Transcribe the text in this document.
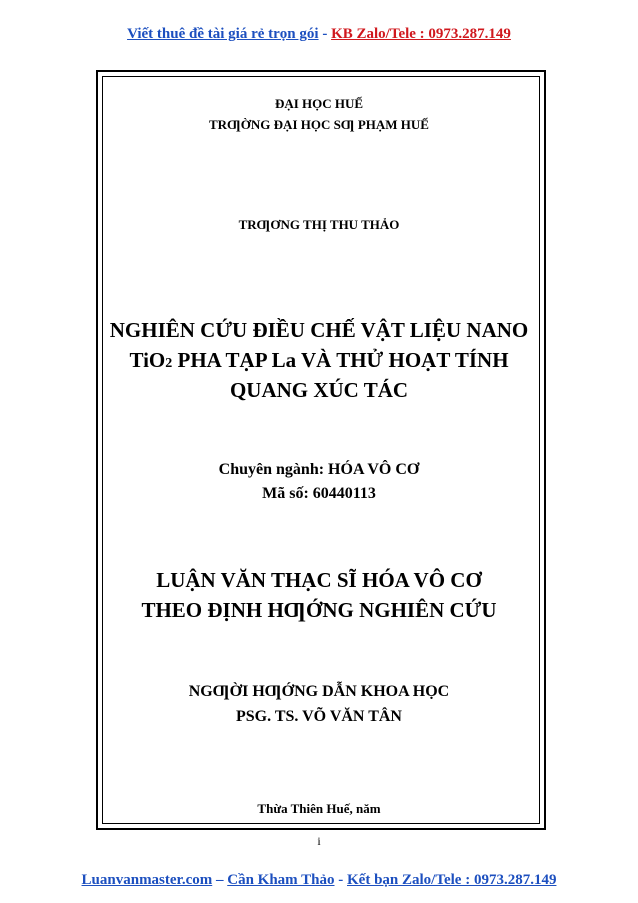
Viết thuê đề tài giá rẻ trọn gói - KB Zalo/Tele : 0973.287.149
ĐẠI HỌC HUẾ
TRƢỜNG ĐẠI HỌC SƢ PHẠM HUẾ
TRƢƠNG THỊ THU THẢO
NGHIÊN CỨU ĐIỀU CHẾ VẬT LIỆU NANO
TiO2 PHA TẠP La VÀ THỬ HOẠT TÍNH
QUANG XÚC TÁC
Chuyên ngành: HÓA VÔ CƠ
Mã số: 60440113
LUẬN VĂN THẠC SĨ HÓA VÔ CƠ
THEO ĐỊNH HƢỚNG NGHIÊN CỨU
NGƢỜI HƢỚNG DẪN KHOA HỌC
PSG. TS. VÕ VĂN TÂN
Thừa Thiên Huế, năm
i
Luanvanmaster.com – Cần Kham Thảo - Kết bạn Zalo/Tele : 0973.287.149
